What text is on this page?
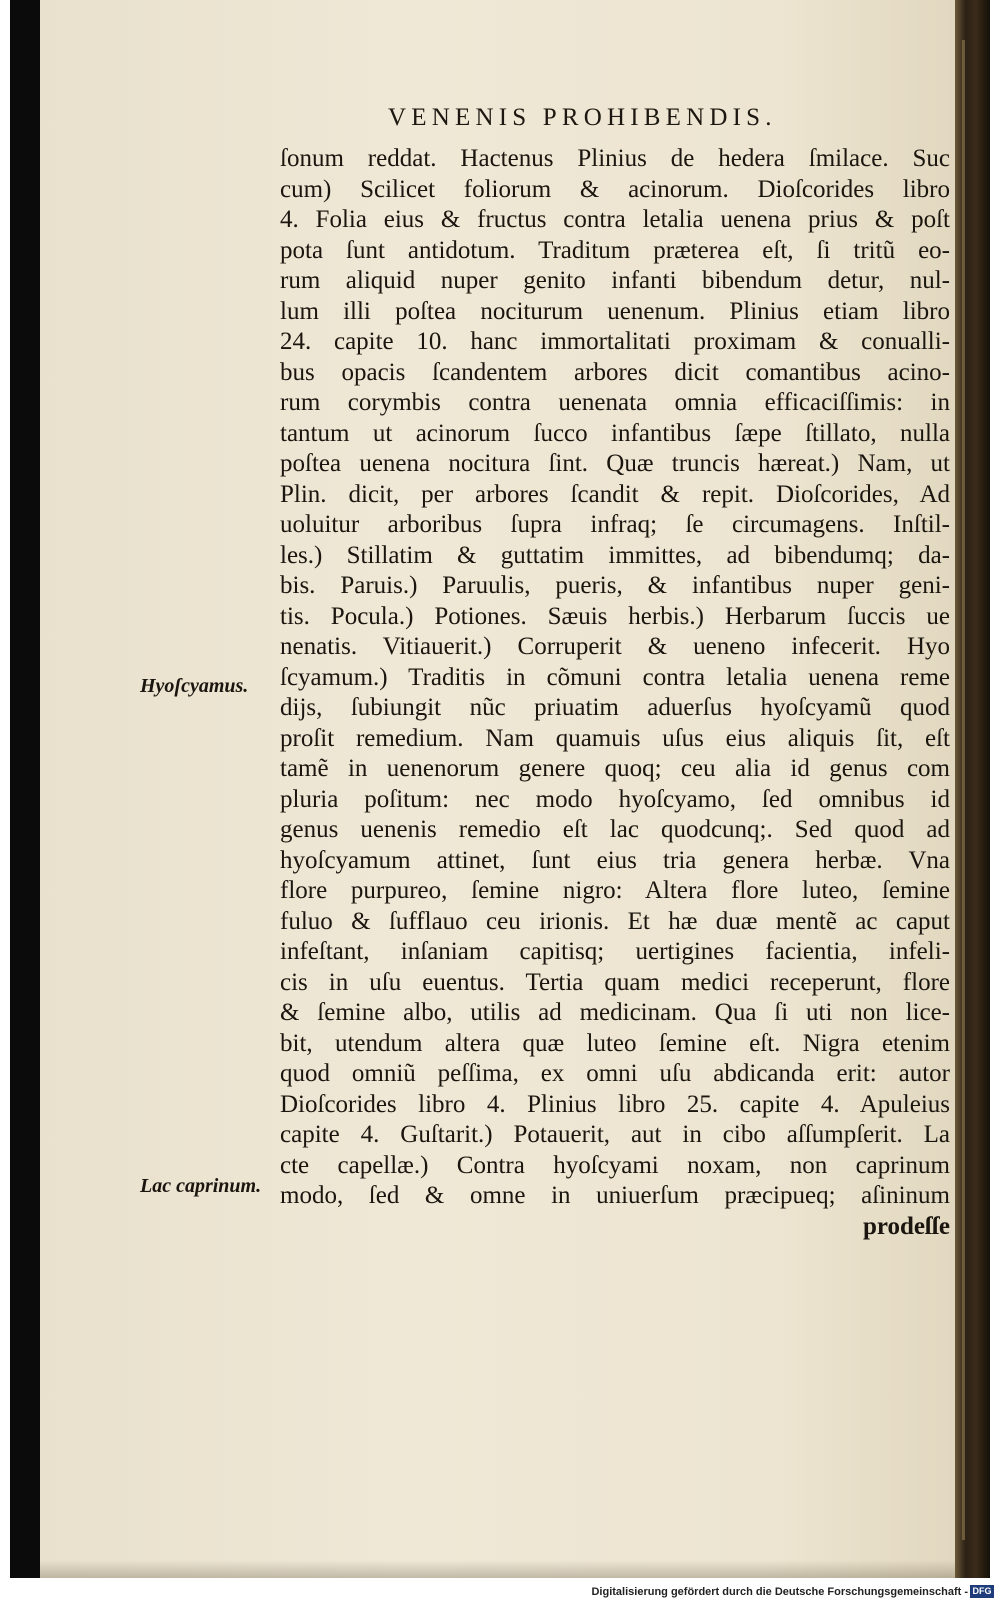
VENENIS PROHIBENDIS.
ſonum reddat. Hactenus Plinius de hedera ſmilace. Suc
cum) Scilicet foliorum & acinorum. Dioſcorides libro
4. Folia eius & fructus contra letalia uenena prius & poſt
pota ſunt antidotum. Traditum præterea eſt, ſi tritũ eo-
rum aliquid nuper genito infanti bibendum detur, nul-
lum illi poſtea nociturum uenenum. Plinius etiam libro
24. capite 10. hanc immortalitati proximam & conualli-
bus opacis ſcandentem arbores dicit comantibus acino-
rum corymbis contra uenenata omnia efficaciſſimis: in
tantum ut acinorum ſucco infantibus ſæpe ſtillato, nulla
poſtea uenena nocitura ſint. Quæ truncis hæreat.) Nam, ut
Plin. dicit, per arbores ſcandit & repit. Dioſcorides, Ad
uoluitur arboribus ſupra infraq; ſe circumagens. Inſtil-
les.) Stillatim & guttatim immittes, ad bibendumq; da-
bis. Paruis.) Paruulis, pueris, & infantibus nuper geni-
tis. Pocula.) Potiones. Sæuis herbis.) Herbarum ſuccis ue
nenatis. Vitiauerit.) Corruperit & ueneno infecerit. Hyo
ſcyamum.) Traditis in cõmuni contra letalia uenena reme
dijs, ſubiungit nũc priuatim aduerſus hyoſcyamũ quod
proſit remedium. Nam quamuis uſus eius aliquis ſit, eſt
tamẽ in uenenorum genere quoq; ceu alia id genus com
pluria poſitum: nec modo hyoſcyamo, ſed omnibus id
genus uenenis remedio eſt lac quodcunq;. Sed quod ad
hyoſcyamum attinet, ſunt eius tria genera herbæ. Vna
flore purpureo, ſemine nigro: Altera flore luteo, ſemine
fuluo & ſufflauo ceu irionis. Et hæ duæ mentẽ ac caput
infeſtant, inſaniam capitisq; uertigines facientia, infeli-
cis in uſu euentus. Tertia quam medici receperunt, flore
& ſemine albo, utilis ad medicinam. Qua ſi uti non lice-
bit, utendum altera quæ luteo ſemine eſt. Nigra etenim
quod omniũ peſſima, ex omni uſu abdicanda erit: autor
Dioſcorides libro 4. Plinius libro 25. capite 4. Apuleius
capite 4. Guſtarit.) Potauerit, aut in cibo aſſumpſerit. La
cte capellæ.) Contra hyoſcyami noxam, non caprinum
modo, ſed & omne in uniuerſum præcipueq; aſininum
prodeſſe
Hyoſcyamus.
Lac caprinum.
Digitalisierung gefördert durch die Deutsche Forschungsgemeinschaft - DFG
